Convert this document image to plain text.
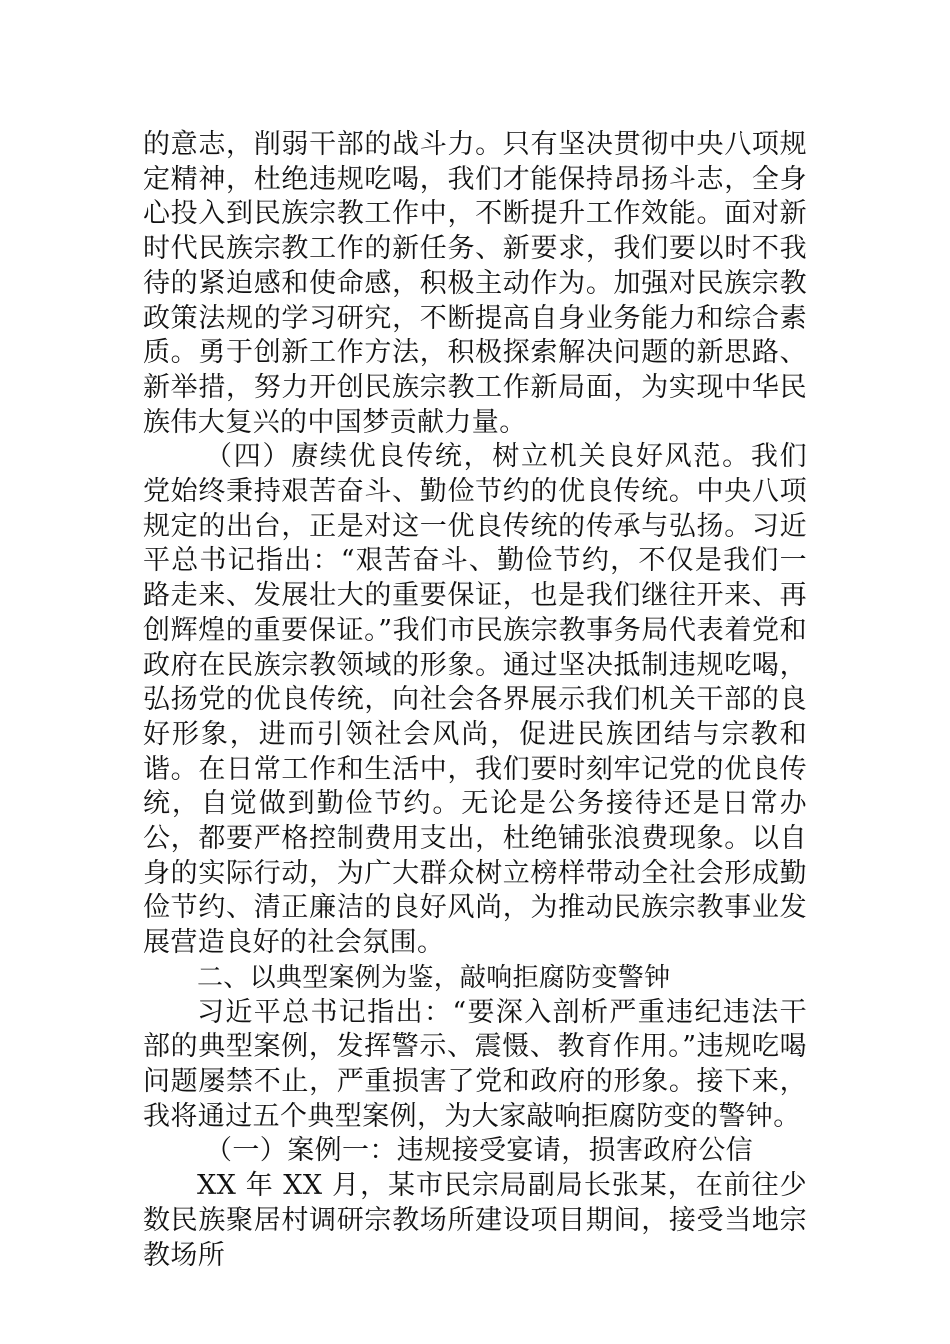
的意志，削弱干部的战斗力。只有坚决贯彻中央八项规定精神，杜绝违规吃喝，我们才能保持昂扬斗志，全身心投入到民族宗教工作中，不断提升工作效能。面对新时代民族宗教工作的新任务、新要求，我们要以时不我待的紧迫感和使命感，积极主动作为。加强对民族宗教政策法规的学习研究，不断提高自身业务能力和综合素质。勇于创新工作方法，积极探索解决问题的新思路、新举措，努力开创民族宗教工作新局面，为实现中华民族伟大复兴的中国梦贡献力量。

（四）赓续优良传统，树立机关良好风范。我们党始终秉持艰苦奋斗、勤俭节约的优良传统。中央八项规定的出台，正是对这一优良传统的传承与弘扬。习近平总书记指出：“艰苦奋斗、勤俭节约，不仅是我们一路走来、发展壮大的重要保证，也是我们继往开来、再创辉煌的重要保证。”我们市民族宗教事务局代表着党和政府在民族宗教领域的形象。通过坚决抵制违规吃喝，弘扬党的优良传统，向社会各界展示我们机关干部的良好形象，进而引领社会风尚，促进民族团结与宗教和谐。在日常工作和生活中，我们要时刻牢记党的优良传统，自觉做到勤俭节约。无论是公务接待还是日常办公，都要严格控制费用支出，杜绝铺张浪费现象。以自身的实际行动，为广大群众树立榜样带动全社会形成勤俭节约、清正廉洁的良好风尚，为推动民族宗教事业发展营造良好的社会氛围。

二、以典型案例为鉴，敲响拒腐防变警钟

习近平总书记指出：“要深入剖析严重违纪违法干部的典型案例，发挥警示、震慑、教育作用。”违规吃喝问题屡禁不止，严重损害了党和政府的形象。接下来，我将通过五个典型案例，为大家敲响拒腐防变的警钟。

（一）案例一：违规接受宴请，损害政府公信

XX 年 XX 月，某市民宗局副局长张某，在前往少数民族聚居村调研宗教场所建设项目期间，接受当地宗教场所
